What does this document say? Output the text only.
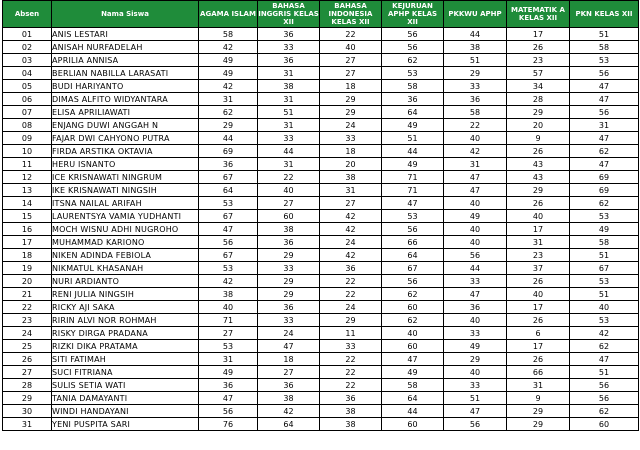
Absen	Nama Siswa	AGAMA ISLAM	BAHASA INGGRIS KELAS XII	BAHASA INDONESIA KELAS XII	KEJURUAN APHP KELAS XII	PKKWU APHP	MATEMATIK A KELAS XII	PKN KELAS XII
01	ANIS LESTARI	58	36	22	56	44	17	51
02	ANISAH NURFADELAH	42	33	40	56	38	26	58
03	APRILIA ANNISA	49	36	27	62	51	23	53
04	BERLIAN NABILLA LARASATI	49	31	27	53	29	57	56
05	BUDI HARIYANTO	42	38	18	58	33	34	47
06	DIMAS ALFITO WIDYANTARA	31	31	29	36	36	28	47
07	ELISA APRILIAWATI	62	51	29	64	58	29	56
08	ENJANG DUWI ANGGAH N	29	31	24	49	22	20	31
09	FAJAR DWI CAHYONO PUTRA	44	33	33	51	40	9	47
10	FIRDA ARSTIKA OKTAVIA	69	44	18	44	42	26	62
11	HERU ISNANTO	36	31	20	49	31	43	47
12	ICE KRISNAWATI NINGRUM	67	22	38	71	47	43	69
13	IKE KRISNAWATI NINGSIH	64	40	31	71	47	29	69
14	ITSNA NAILAL ARIFAH	53	27	27	47	40	26	62
15	LAURENTSYA VAMIA YUDHANTI	67	60	42	53	49	40	53
16	MOCH WISNU ADHI NUGROHO	47	38	42	56	40	17	49
17	MUHAMMAD KARIONO	56	36	24	66	40	31	58
18	NIKEN ADINDA FEBIOLA	67	29	42	64	56	23	51
19	NIKMATUL KHASANAH	53	33	36	67	44	37	67
20	NURI ARDIANTO	42	29	22	56	33	26	53
21	RENI JULIA NINGSIH	38	29	22	62	47	40	51
22	RICKY AJI SAKA	40	36	24	60	36	17	40
23	RIRIN ALVI NOR ROHMAH	71	33	29	62	40	26	53
24	RISKY DIRGA PRADANA	27	24	11	40	33	6	42
25	RIZKI DIKA PRATAMA	53	47	33	60	49	17	62
26	SITI FATIMAH	31	18	22	47	29	26	47
27	SUCI FITRIANA	49	27	22	49	40	66	51
28	SULIS SETIA WATI	36	36	22	58	33	31	56
29	TANIA DAMAYANTI	47	38	36	64	51	9	56
30	WINDI HANDAYANI	56	42	38	44	47	29	62
31	YENI PUSPITA SARI	76	64	38	60	56	29	60
